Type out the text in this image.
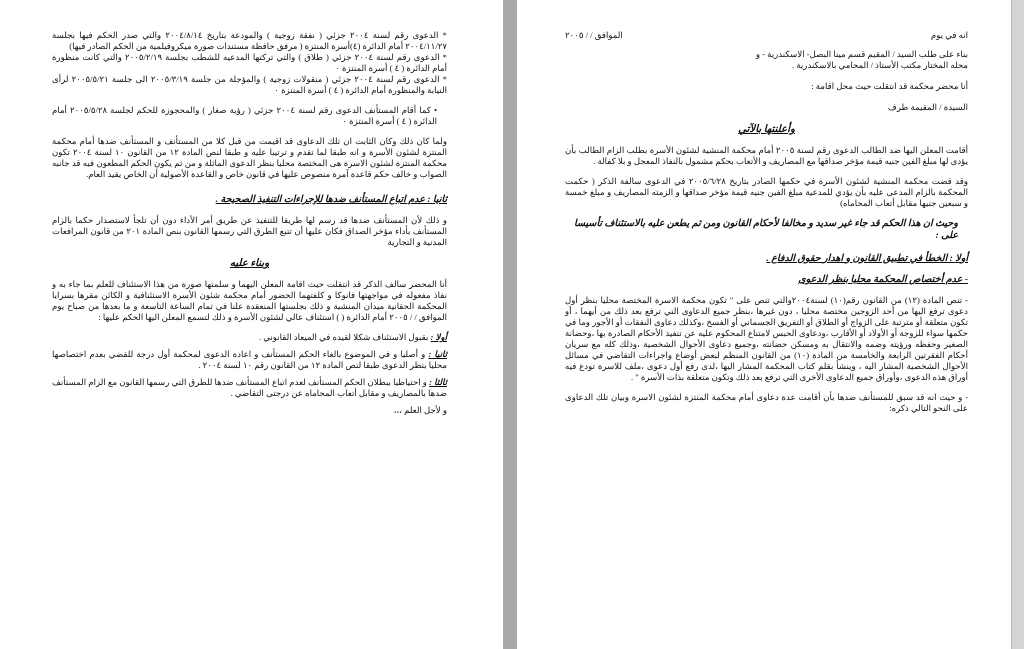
* الدعوى رقم لسنة ٢٠٠٤ جزئي ( نفقة زوجية ) والمودعة بتاريخ ٢٠٠٤/٨/١٤ والتي صدر الحكم فيها بجلسة ٢٠٠٤/١١/٢٧ أمام الدائرة (٤)أسرة المنتزة ( مرفق حافظة مستندات صورة ميكروفيلمية من الحكم الصادر فيها)

* الدعوى رقم لسنة ٢٠٠٤ جزئي ( طلاق ) والتي تركتها المدعيه للشطب بجلسة ٢٠٠٥/٢/١٩ والتي كانت منظورة أمام الدائرة ( ٤ ) أسرة المنتزة ٠

* الدعوى رقم لسنة ٢٠٠٤ جزئي ( منقولات زوجية ) والمؤجلة من جلسة ٢٠٠٥/٣/١٩ الى جلسة ٢٠٠٥/٥/٢١ لرأى النيابة والمنظورة أمام الدائرة ( ٤ ) أسرة المنتزة ٠

• كما أقام المستأنف الدعوى رقم لسنة ٢٠٠٤ جزئي ( رؤية صغار ) والمحجوزة للحكم لجلسة ٢٠٠٥/٥/٢٨ أمام الدائرة ( ٤ ) أسرة المنتزة ٠

ولما كان ذلك وكان الثابت ان تلك الدعاوى قد اقيمت من قبل كلا من المستأنف و المستأنف ضدها أمام محكمة المنتزة لشئون الأسرة و انه طبقا لما تقدم و ترتيبا عليه و طبقا لنص المادة ١٢ من القانون ١٠ لسنة ٢٠٠٤ تكون محكمة المنتزة لشئون الاسرة هى المختصة محليا بنظر الدعوى الماثلة و من ثم يكون الحكم المطعون فيه قد جانبه الصواب و خالف حكم قاعدة آمرة منصوص عليها في قانون خاص و القاعدة الأصولية أن الخاص يقيد العام.

ثانيا : عدم اتباع المستأنف ضدها للإجراءات التنفيذ الصحيحة .

و ذلك لأن المستأنف ضدها قد رسم لها طريقا للتنفيذ عن طريق أمر الأداء دون أن تلجأ لاستصدار حكما بالزام المستأنف بأداء مؤخر الصداق فكان عليها أن تتبع الطرق التي رسمها القانون بنص المادة ٢٠١ من قانون المرافعات المدنية و التجارية

وبناء عليه

أنا المحضر سالف الذكر قد انتقلت حيث اقامة المعلن اليهما و سلمتها صورة من هذا الاستئناف للعلم بما جاء به و نفاذ مفعوله في مواجهتها فانوكا و كلفتهما الحضور أمام محكمة شئون الأسرة الاستئنافية و الكائن مقرها بسرايا المحكمة الحقانية ميدان المنشية و ذلك بجلستها المنعقدة علنا في تمام الساعة التاسعة و ما بعدها من صباح يوم الموافق / / ٢٠٠٥ أمام الدائرة ( ) استئناف عالي لشئون الأسرة و ذلك لتسمع المعلن اليها الحكم عليها :

أولا : بقبول الاستئناف شكلا لقيده في الميعاد القانوني .

ثانيا : و أصليا و في الموضوع بالغاء الحكم المستأنف و اعادة الدعوى لمحكمة أول درجة للقضي بعدم اختصاصها محليا بنظر الدعوى طبقا لنص المادة ١٢ من القانون رقم ١٠ لسنة ٢٠٠٤ .

ثالثا : و احتياطيا ببطلان الحكم المستأنف لعدم اتباع المستأنف ضدها للطرق التي رسمها القانون مع الزام المستأنف ضدها بالمصاريف و مقابل أتعاب المحاماه عن درجتى التقاضي .

و لأجل العلم ،،،

انه في يوم
الموافق / / ٢٠٠٥

بناء على طلب السيد / المقيم قسم مينا البصل- الاسكندرية - و

محله المختار مكتب الأستاذ / المحامي بالاسكندرية .

أنا محضر محكمة قد انتقلت حيث محل اقامة :

السيدة / المقيمة طرف

وأعلنتها بالآتي

أقامت المعلن اليها ضد الطالب الدعوى رقم لسنة ٢٠٠٥ أمام محكمة المنشية لشئون الأسرة بطلب الزام الطالب بأن يؤدى لها مبلغ الفين جنيه قيمة مؤخر صداقها مع المصاريف و الأتعاب بحكم مشمول بالنفاذ المعجل و بلا كفالة .

وقد قضت محكمة المنشية لشئون الأسرة في حكمها الصادر بتاريخ ٢٠٠٥/٦/٢٨ في الدعوى سالفة الذكر ( حكمت المحكمة بالزام المدعى عليه بأن يؤدي للمدعية مبلغ الفين جنيه قيمة مؤخر صداقها و الزمته المصاريف و مبلغ خمسة و سبعين جنيها مقابل أتعاب المحاماه)

وحيث ان هذا الحكم قد جاء غير سديد و مخالفا لأحكام القانون ومن ثم يطعن عليه بالاستئناف تأسيسا على :

أولا : الخطأ في تطبيق القانون و اهدار حقوق الدفاع .

- عدم أختصاص المحكمة محليا بنظر الدعوى

- تنص المادة (١٢) من القانون رقم(١٠) لسنة٢٠٠٤والتي تنص على " تكون محكمة الاسرة المختصة محليا بنظر أول دعوى ترفع اليها من أحد الزوجين مختصة محليا ، دون غيرها ،بنظر جميع الدعاوى التي ترفع بعد ذلك من أيهما ، أو تكون متعلقة أو مترتبة على الزواج أو الطلاق أو التفريق الجسماني أو الفسخ ،وكذلك دعاوى النفقات أو الأجور وما في حكمها سواء للزوجة أو الأولاد أو الأقارب ،ودعاوى الحبس لامتناع المحكوم عليه عن تنفيذ الأحكام الصادرة بها ،وحضانة الصغير وحفظه ورؤيته وضمه والانتقال به ومسكن حضانته ،وجميع دعاوى الأحوال الشخصية ،وذلك كله مع سريان أحكام الفقرتين الرابعة والخامسة من المادة (١٠) من القانون المنظم لبعض أوضاع واجراءات التقاضي في مسائل الأحوال الشخصية المشار اليه ، وينشأ بقلم كتاب المحكمة المشار اليها ،لدى رفع أول دعوى ،ملف للاسرة تودع فيه أوراق هذه الدعوى ،وأوراق جميع الدعاوى الأخرى التي ترفع بعد ذلك وتكون متعلقة بذات الأسرة " .

- و حيث انه قد سبق للمستأنف ضدها بأن أقامت عدة دعاوى أمام محكمة المنتزة لشئون الاسرة وبيان تلك الدعاوى على النحو التالي ذكره:
